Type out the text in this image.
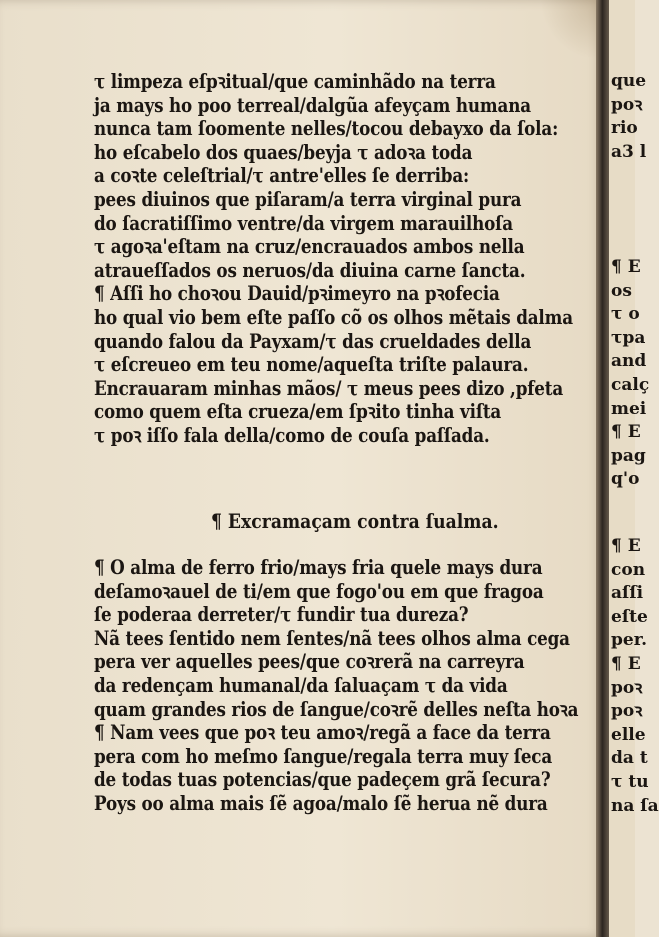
τ limpeza eſpꝛitual/que caminhãdo na terra
ja mays ho poo terreal/dalgũa afeyçam humana
nunca tam ſoomente nelles/tocou debayxo da ſola:
ho eſcabelo dos quaes/beyja τ adoꝛa toda
a coꝛte celeſtrial/τ antre'elles ſe derriba:
pees diuinos que piſaram/a terra virginal pura
do ſacratiſſimo ventre/da virgem marauilhoſa
τ agoꝛa'eſtam na cruz/encrauados ambos nella
atraueſſados os neruos/da diuina carne ſancta.
¶ Aſſi ho choꝛou Dauid/pꝛimeyro na pꝛofecia
ho qual vio bem eſte paſſo cõ os olhos mẽtais dalma
quando falou da Payxam/τ das crueldades della
τ eſcreueo em teu nome/aqueſta triſte palaura.
Encrauaram minhas mãos/ τ meus pees dizo ,pfeta
como quem eſta crueza/em ſpꝛito tinha viſta
τ poꝛ iſſo fala della/como de couſa paſſada.
¶ Excramaçam contra ſualma.
¶ O alma de ferro frio/mays fria quele mays dura
deſamoꝛauel de ti/em que fogo'ou em que fragoa
ſe poderaa derreter/τ fundir tua dureza?
Nã tees ſentido nem ſentes/nã tees olhos alma cega
pera ver aquelles pees/que coꝛrerã na carreyra
da redençam humanal/da ſaluaçam τ da vida
quam grandes rios de ſangue/coꝛrẽ delles neſta hoꝛa
¶ Nam vees que poꝛ teu amoꝛ/regã a face da terra
pera com ho meſmo ſangue/regala terra muy ſeca
de todas tuas potencias/que padeçem grã ſecura?
Poys oo alma mais ſẽ agoa/malo ſẽ herua nẽ dura
que
poꝛ
rio
a3 l
¶ E
os
τ o
τpa
and
calç
mei
¶ E
pag
q'o
¶ E
con
aſſi
eſte
per.
¶ E
poꝛ
poꝛ
elle
da t
τ tu
na ſa
